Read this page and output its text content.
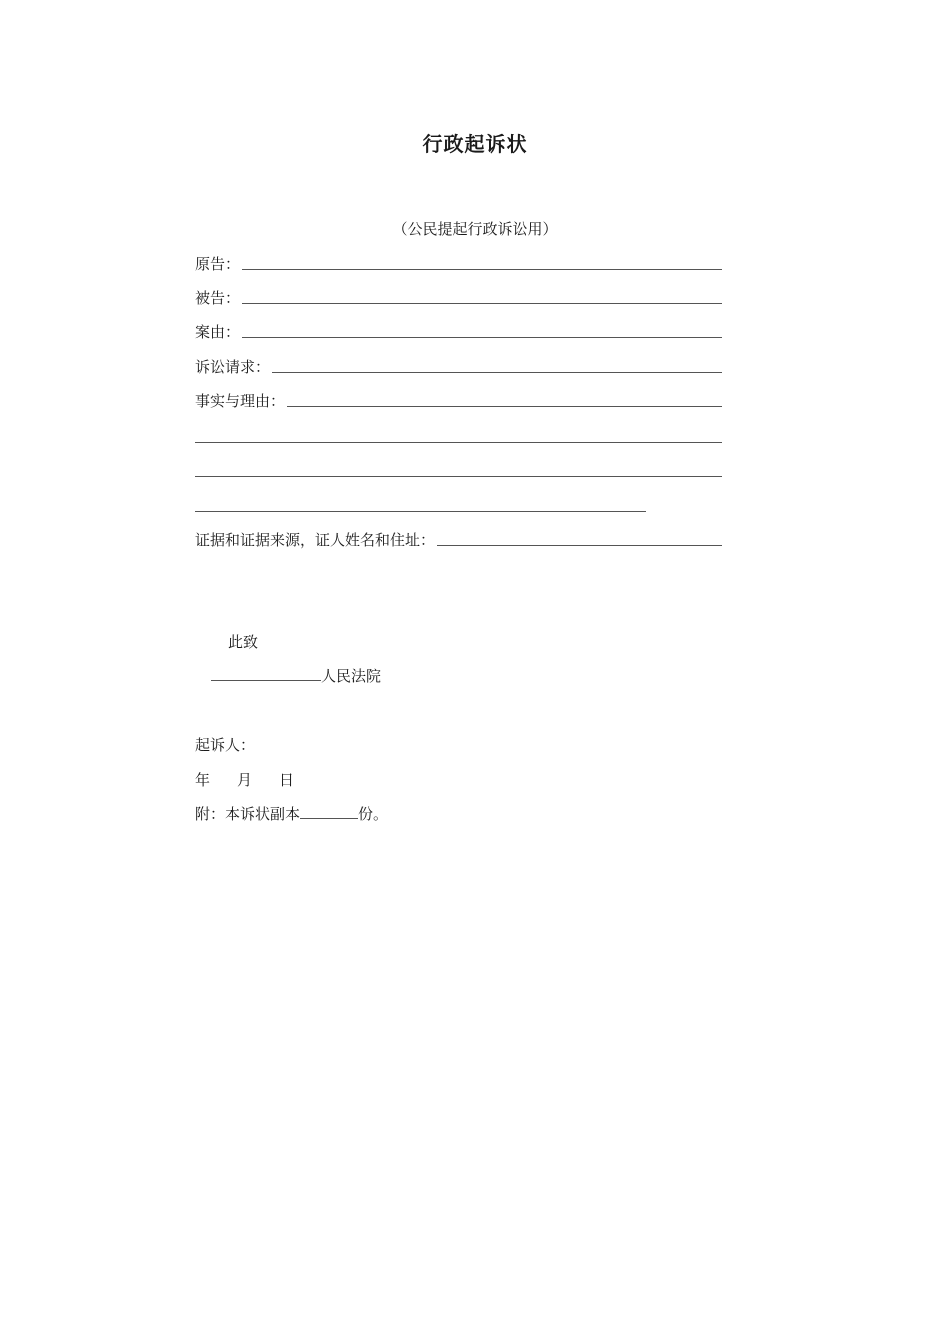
行政起诉状
（公民提起行政诉讼用）
原告：
被告：
案由：
诉讼请求：
事实与理由：
证据和证据来源，证人姓名和住址：
此致
人民法院
起诉人：
年 月 日
附：本诉状副本	份。
